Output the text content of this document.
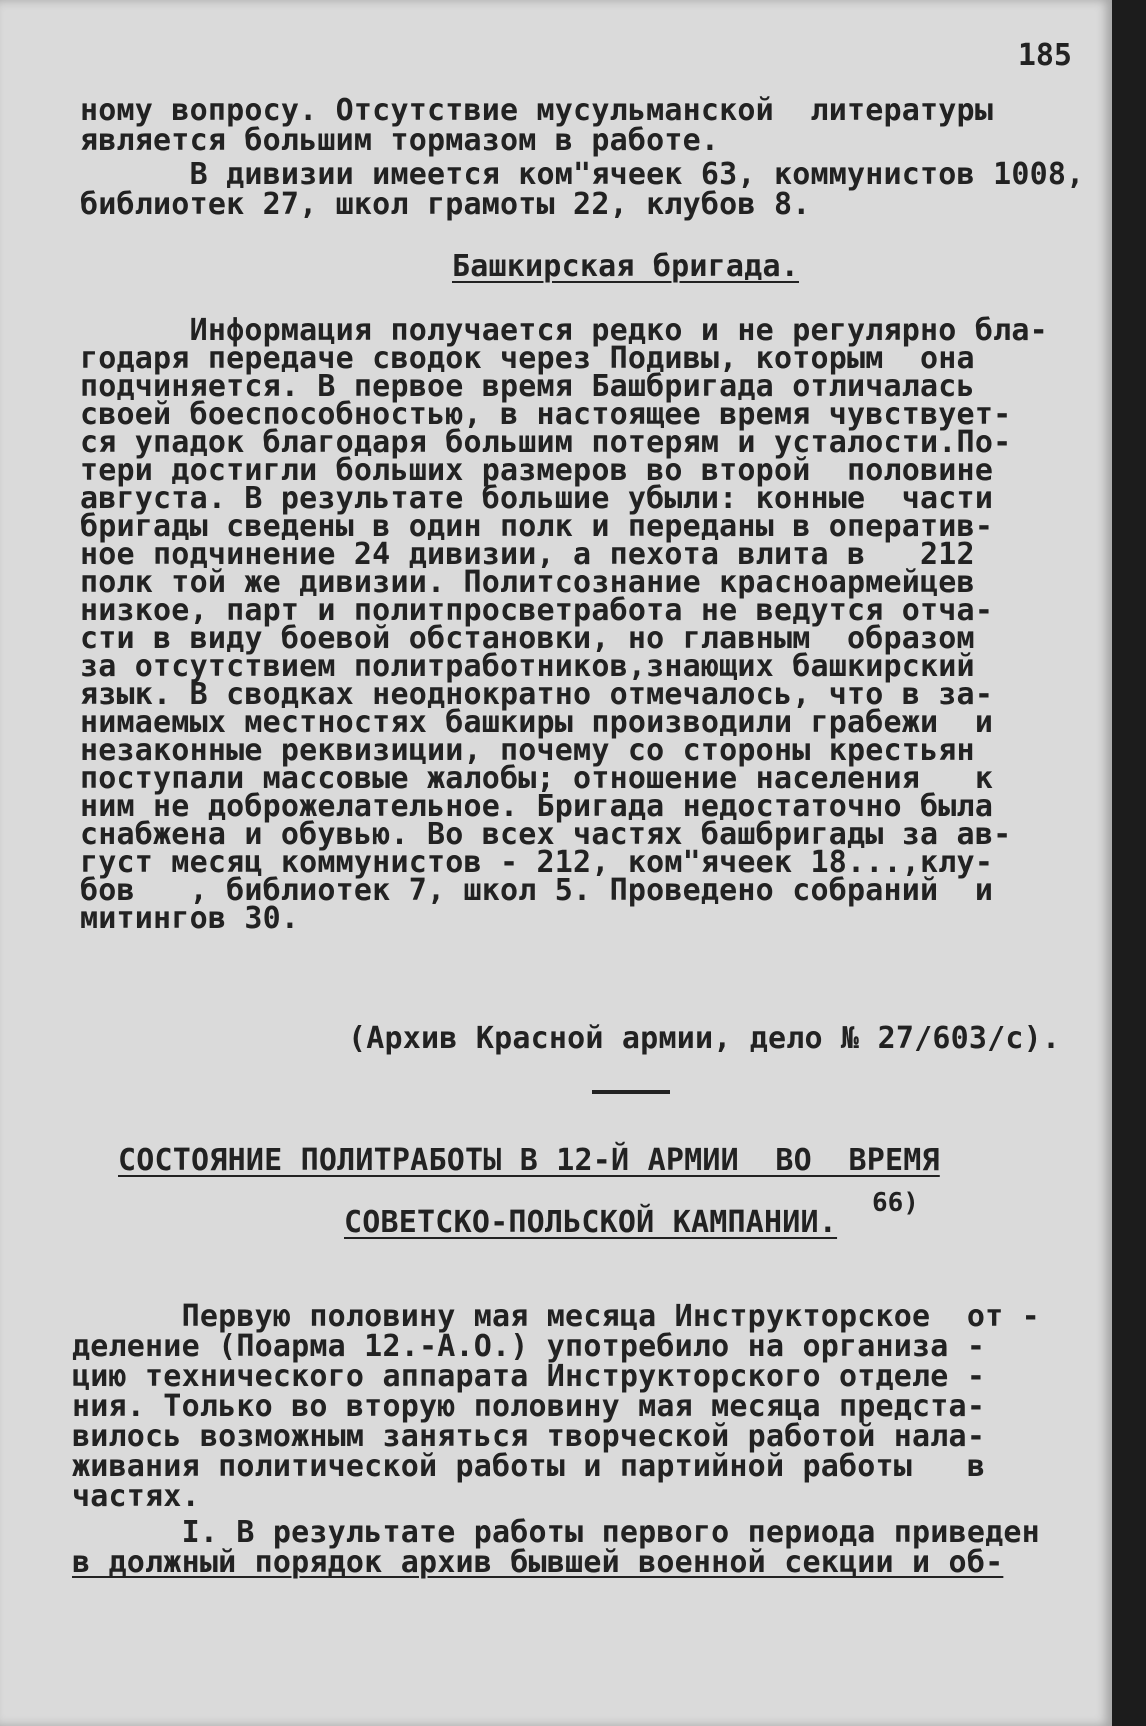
185
ному вопросу. Отсутствие мусульманской  литературы
является большим тормазом в работе.
В дивизии имеется ком"ячеек 63, коммунистов 1008,
библиотек 27, школ грамоты 22, клубов 8.
Башкирская бригада.
Информация получается редко и не регулярно бла-
годаря передаче сводок через Подивы, которым  она
подчиняется. В первое время Башбригада отличалась
своей боеспособностью, в настоящее время чувствует-
ся упадок благодаря большим потерям и усталости.По-
тери достигли больших размеров во второй  половине
августа. В результате большие убыли: конные  части
бригады сведены в один полк и переданы в оператив-
ное подчинение 24 дивизии, а пехота влита в   212
полк той же дивизии. Политсознание красноармейцев
низкое, парт и политпросветработа не ведутся отча-
сти в виду боевой обстановки, но главным  образом
за отсутствием политработников,знающих башкирский
язык. В сводках неоднократно отмечалось, что в за-
нимаемых местностях башкиры производили грабежи  и
незаконные реквизиции, почему со стороны крестьян
поступали массовые жалобы; отношение населения   к
ним не доброжелательное. Бригада недостаточно была
снабжена и обувью. Во всех частях башбригады за ав-
густ месяц коммунистов - 212, ком"ячеек 18...,клу-
бов   , библиотек 7, школ 5. Проведено собраний  и
митингов 30.
(Архив Красной армии, дело № 27/603/с).
СОСТОЯНИЕ ПОЛИТРАБОТЫ В 12-Й АРМИИ  ВО  ВРЕМЯ
66)
СОВЕТСКО-ПОЛЬСКОЙ КАМПАНИИ.
Первую половину мая месяца Инструкторское  от -
деление (Поарма 12.-А.О.) употребило на организа -
цию технического аппарата Инструкторского отделе -
ния. Только во вторую половину мая месяца предста-
вилось возможным заняться творческой работой нала-
живания политической работы и партийной работы   в
частях.
I. В результате работы первого периода приведен
в должный порядок архив бывшей военной секции и об-
